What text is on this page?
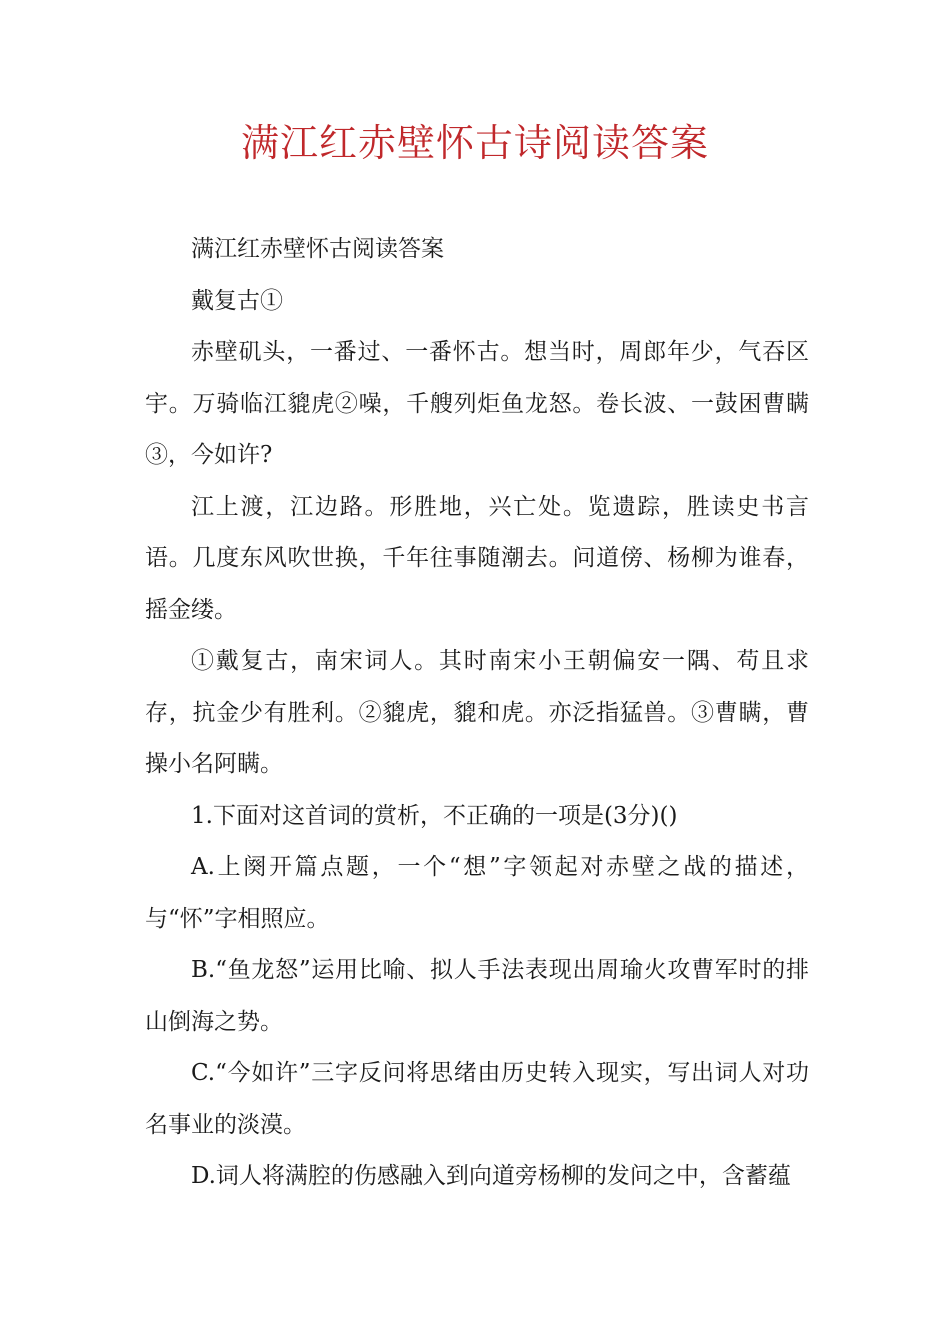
满江红赤壁怀古诗阅读答案

满江红赤壁怀古阅读答案

戴复古①

赤壁矶头，一番过、一番怀古。想当时，周郎年少，气吞区宇。万骑临江貔虎②噪，千艘列炬鱼龙怒。卷长波、一鼓困曹瞒③，今如许?

江上渡，江边路。形胜地，兴亡处。览遗踪，胜读史书言语。几度东风吹世换，千年往事随潮去。问道傍、杨柳为谁春，摇金缕。

①戴复古，南宋词人。其时南宋小王朝偏安一隅、苟且求存，抗金少有胜利。②貔虎，貔和虎。亦泛指猛兽。③曹瞒，曹操小名阿瞒。

1.下面对这首词的赏析，不正确的一项是(3分)()

A.上阕开篇点题，一个“想”字领起对赤壁之战的描述，与“怀”字相照应。

B.“鱼龙怒”运用比喻、拟人手法表现出周瑜火攻曹军时的排山倒海之势。

C.“今如许”三字反问将思绪由历史转入现实，写出词人对功名事业的淡漠。

D.词人将满腔的伤感融入到向道旁杨柳的发问之中，含蓄蕴
